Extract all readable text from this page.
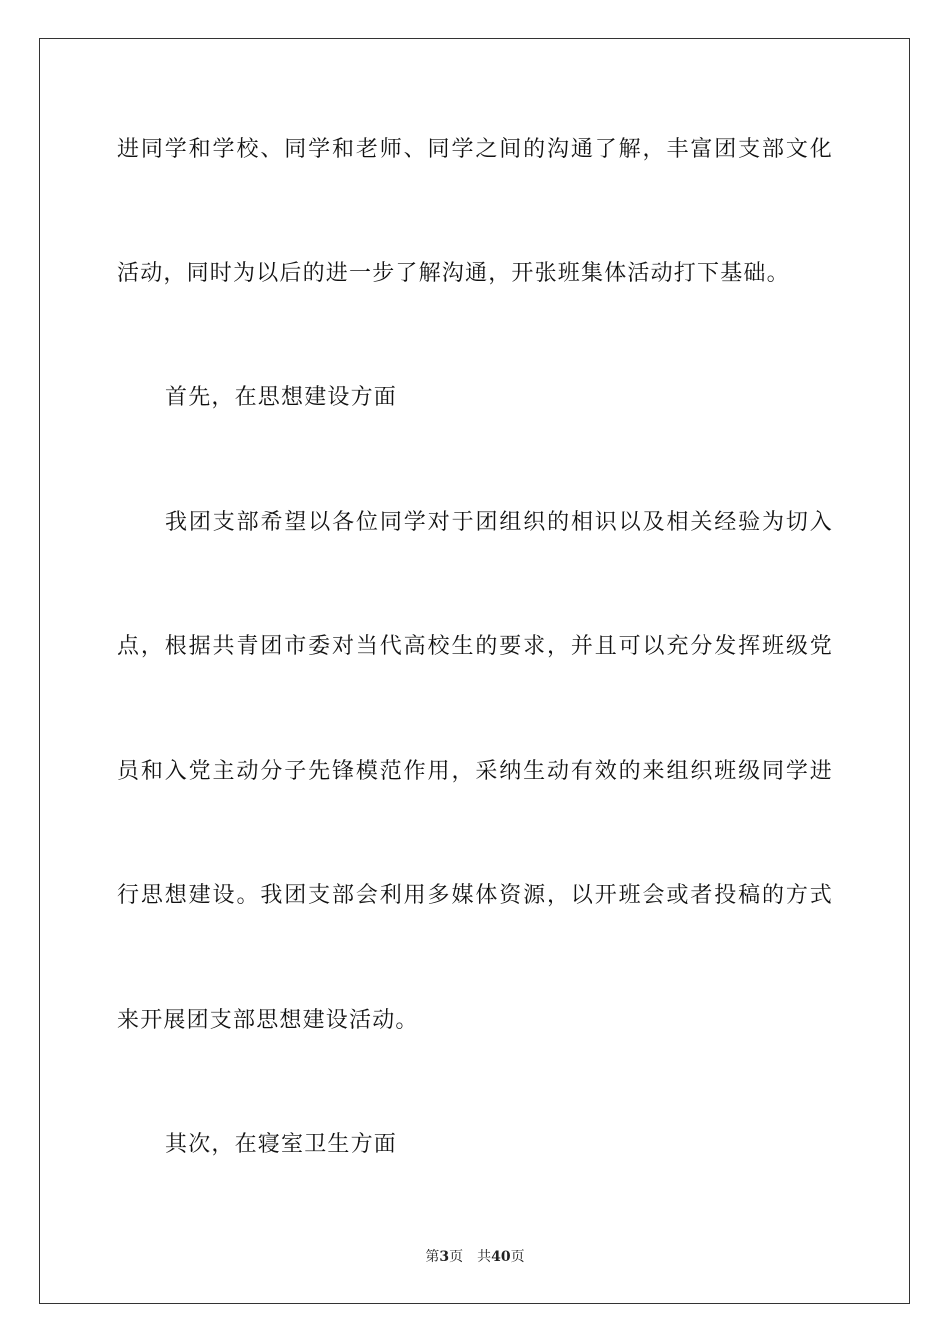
进同学和学校、同学和老师、同学之间的沟通了解，丰富团支部文化
活动，同时为以后的进一步了解沟通，开张班集体活动打下基础。
首先，在思想建设方面
我团支部希望以各位同学对于团组织的相识以及相关经验为切入
点，根据共青团市委对当代高校生的要求，并且可以充分发挥班级党
员和入党主动分子先锋模范作用，采纳生动有效的来组织班级同学进
行思想建设。我团支部会利用多媒体资源，以开班会或者投稿的方式
来开展团支部思想建设活动。
其次，在寝室卫生方面
第3页 共40页
